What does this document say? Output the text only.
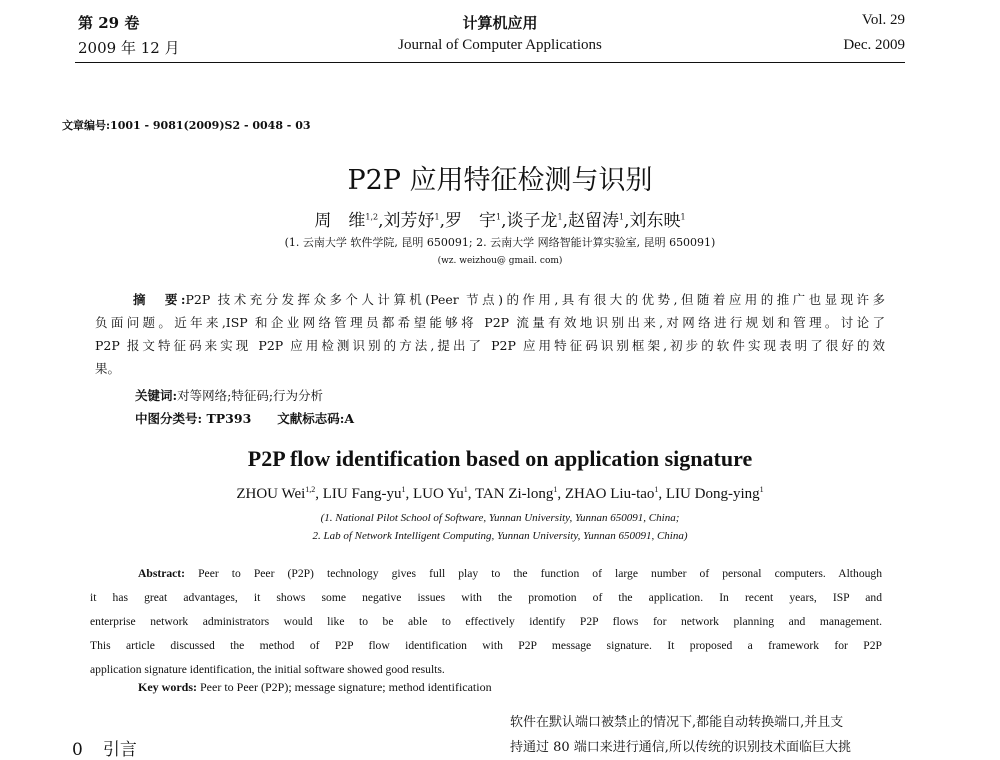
第 29 卷
2009 年 12 月
计算机应用
Journal of Computer Applications
Vol. 29
Dec. 2009
文章编号:1001 - 9081(2009)S2 - 0048 - 03
P2P 应用特征检测与识别
周　维$^{1,2}$,刘芳妤$^1$,罗　宇$^1$,谈子龙$^1$,赵留涛$^1$,刘东映$^1$
(1. 云南大学 软件学院, 昆明 650091; 2. 云南大学 网络智能计算实验室, 昆明 650091)
(wz. weizhou@ gmail. com)
摘　要:P2P 技术充分发挥众多个人计算机(Peer 节点)的作用,具有很大的优势,但随着应用的推广也显现许多
负面问题。近年来,ISP 和企业网络管理员都希望能够将 P2P 流量有效地识别出来,对网络进行规划和管理。讨论了
P2P 报文特征码来实现 P2P 应用检测识别的方法,提出了 P2P 应用特征码识别框架,初步的软件实现表明了很好的效
果。
关键词:对等网络;特征码;行为分析
中图分类号: TP393 文献标志码:A
P2P flow identification based on application signature
ZHOU Wei$^{1,2}$, LIU Fang-$yu^1$, LUO Yu$^1$, TAN Zi-long$^1$, ZHAO Liu-tao$^1$, LIU Dong-ying$^1$
(1. National Pilot School of Software, Yunnan University, Yunnan 650091, China;
2. Lab of Network Intelligent Computing, Yunnan University, Yunnan 650091, China)
Abstract: Peer to Peer (P2P) technology gives full play to the function of large number of personal computers. Although
it has great advantages, it shows some negative issues with the promotion of the application. In recent years, ISP and
enterprise network administrators would like to be able to effectively identify P2P flows for network planning and management.
This article discussed the method of P2P flow identification with P2P message signature. It proposed a framework for P2P
application signature identification, the initial software showed good results.
Key words: Peer to Peer (P2P); message signature; method identification
0 引言
软件在默认端口被禁止的情况下,都能自动转换端口,并且支
持通过 80 端口来进行通信,所以传统的识别技术面临巨大挑
